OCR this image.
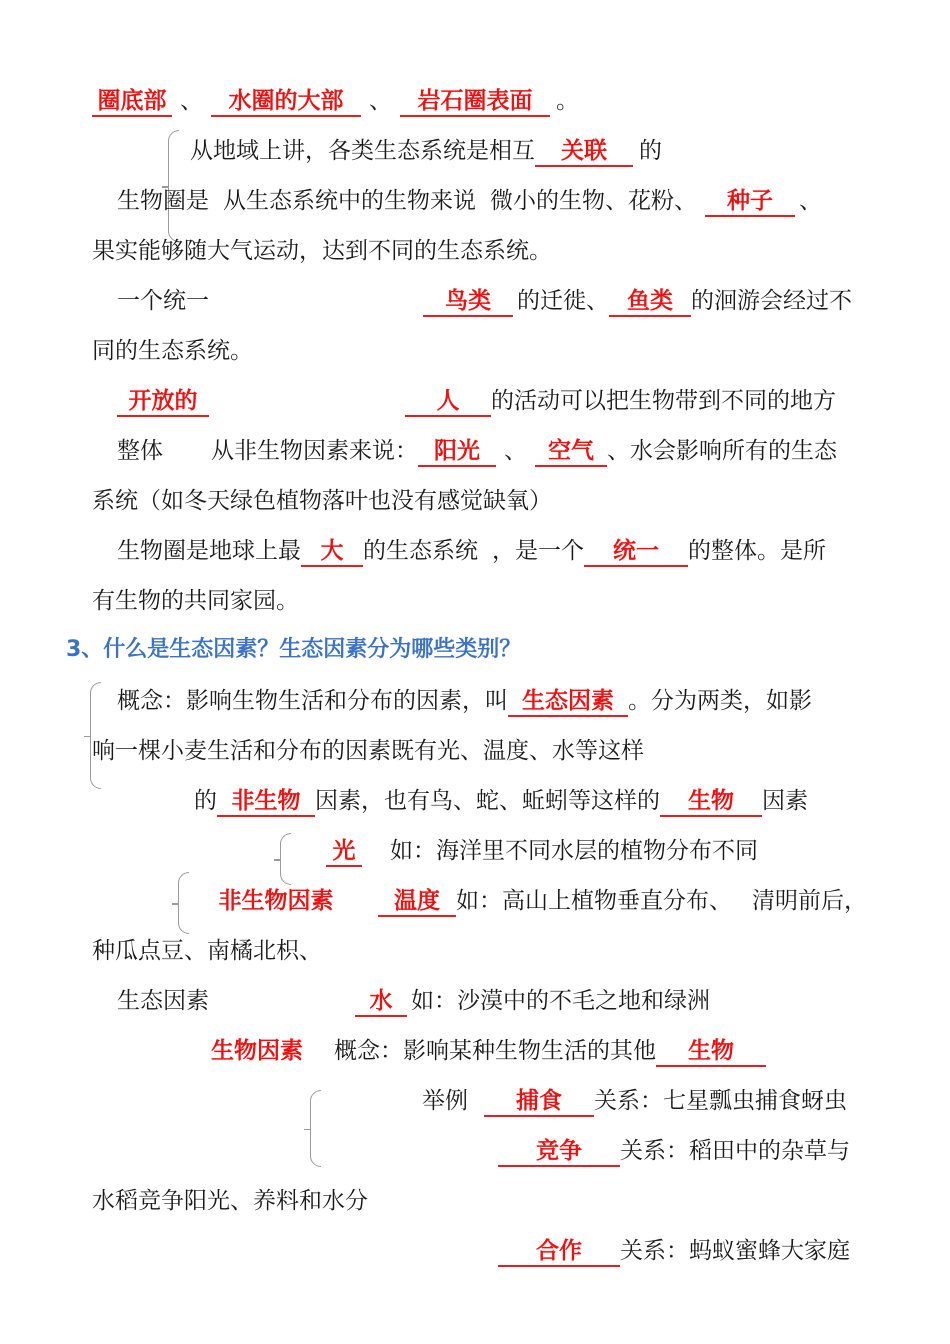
圈底部 、 水圈的大部 、 岩石圈表面 。
从地域上讲，各类生态系统是相互 关联 的
生物圈是 从生态系统中的生物来说 微小的生物、花粉、 种子 、
果实能够随大气运动，达到不同的生态系统。
一个统一	鸟类 的迁徙、 鱼类 的洄游会经过不
同的生态系统。
开放的	人 的活动可以把生物带到不同的地方
整体 从非生物因素来说： 阳光 、 空气 、水会影响所有的生态
系统（如冬天绿色植物落叶也没有感觉缺氧）
生物圈是地球上最 大 的生态系统 ，是一个 统一 的整体。是所
有生物的共同家园。
3、什么是生态因素？生态因素分为哪些类别？
概念：影响生物生活和分布的因素，叫 生态因素 。分为两类，如影
响一棵小麦生活和分布的因素既有光、温度、水等这样
的 非生物 因素，也有鸟、蛇、蚯蚓等这样的 生物 因素
光 如：海洋里不同水层的植物分布不同
非生物因素	温度 如：高山上植物垂直分布、 清明前后，
种瓜点豆、南橘北枳、
生态因素	水 如：沙漠中的不毛之地和绿洲
生物因素 概念：影响某种生物生活的其他 生物
举例 捕食 关系：七星瓢虫捕食蚜虫
竞争 关系：稻田中的杂草与
水稻竞争阳光、养料和水分
合作 关系：蚂蚁蜜蜂大家庭
